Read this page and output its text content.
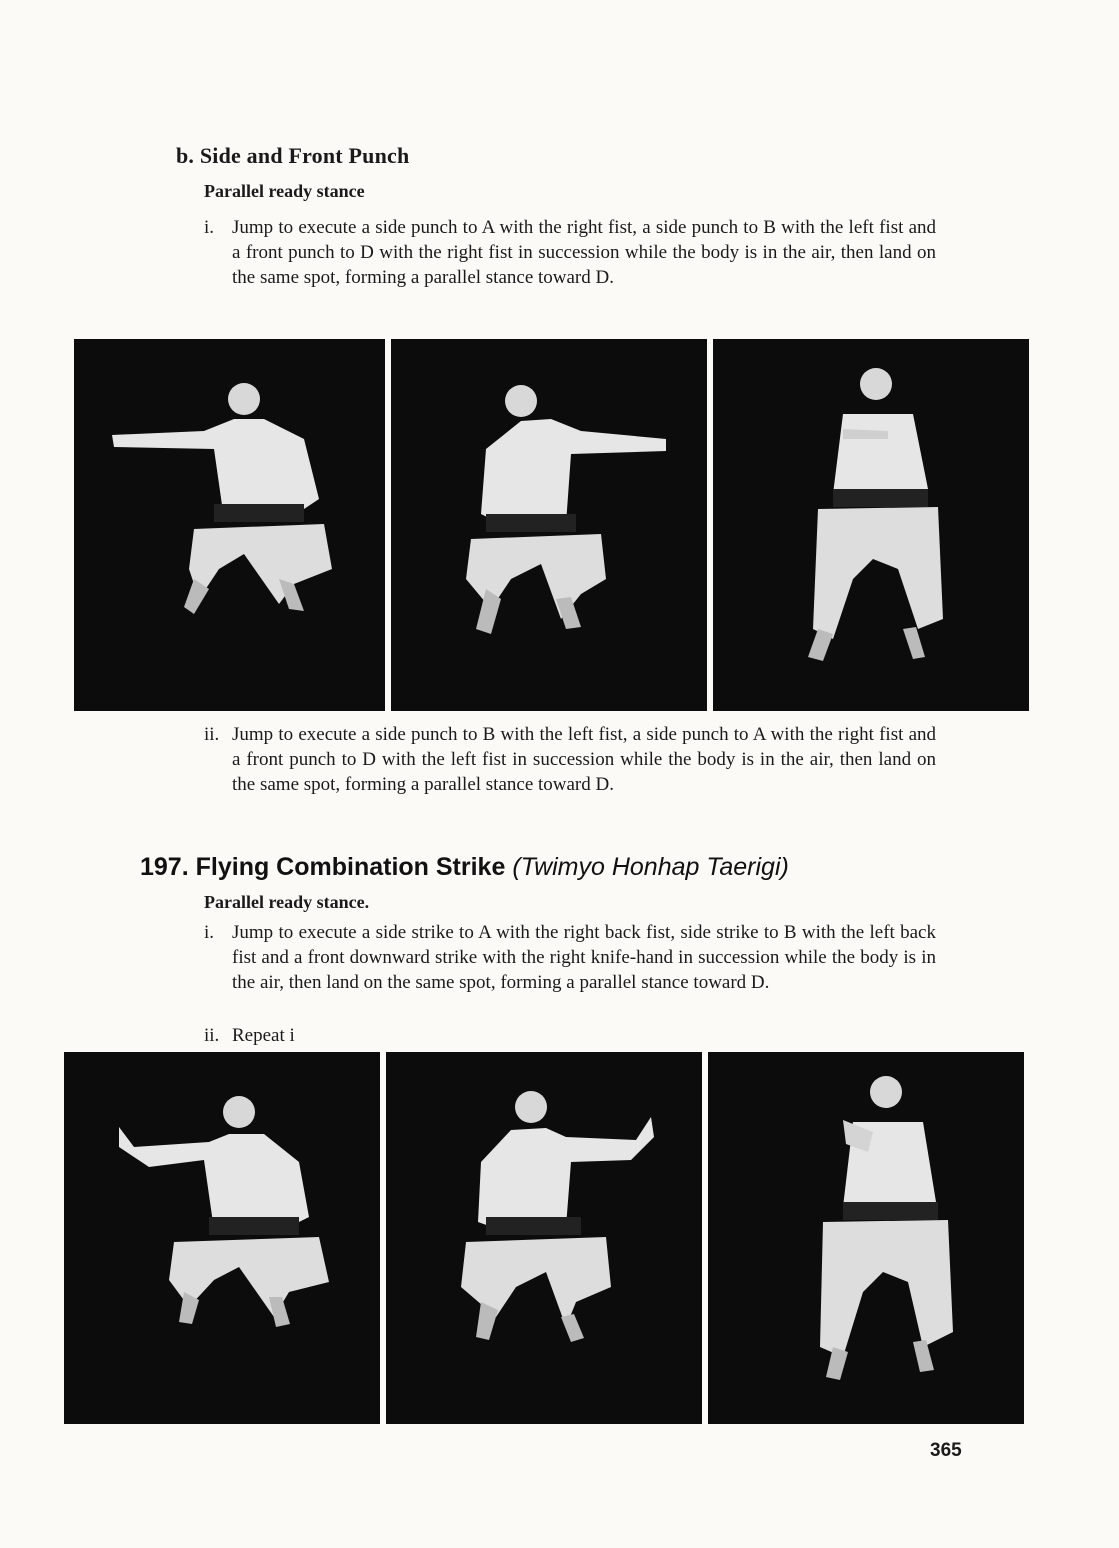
b. Side and Front Punch
Parallel ready stance
i. Jump to execute a side punch to A with the right fist, a side punch to B with the left fist and a front punch to D with the right fist in succession while the body is in the air, then land on the same spot, forming a parallel stance toward D.
ii. Jump to execute a side punch to B with the left fist, a side punch to A with the right fist and a front punch to D with the left fist in succession while the body is in the air, then land on the same spot, forming a parallel stance toward D.
197. Flying Combination Strike (Twimyo Honhap Taerigi)
Parallel ready stance.
i. Jump to execute a side strike to A with the right back fist, side strike to B with the left back fist and a front downward strike with the right knife-hand in succession while the body is in the air, then land on the same spot, forming a parallel stance toward D.
ii. Repeat i
365
